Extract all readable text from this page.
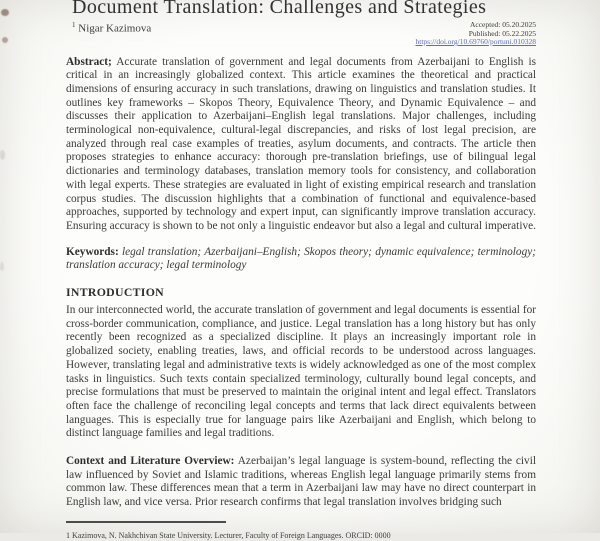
Document Translation: Challenges and Strategies
$^1$ Nigar Kazimova	Accepted: 05.20.2025
Published: 05.22.2025
https://doi.org/10.69760/portuni.010328

Abstract; Accurate translation of government and legal documents from Azerbaijani to English is critical in an increasingly globalized context. This article examines the theoretical and practical dimensions of ensuring accuracy in such translations, drawing on linguistics and translation studies. It outlines key frameworks – Skopos Theory, Equivalence Theory, and Dynamic Equivalence – and discusses their application to Azerbaijani–English legal translations. Major challenges, including terminological non-equivalence, cultural-legal discrepancies, and risks of lost legal precision, are analyzed through real case examples of treaties, asylum documents, and contracts. The article then proposes strategies to enhance accuracy: thorough pre-translation briefings, use of bilingual legal dictionaries and terminology databases, translation memory tools for consistency, and collaboration with legal experts. These strategies are evaluated in light of existing empirical research and translation corpus studies. The discussion highlights that a combination of functional and equivalence-based approaches, supported by technology and expert input, can significantly improve translation accuracy. Ensuring accuracy is shown to be not only a linguistic endeavor but also a legal and cultural imperative.

Keywords: legal translation; Azerbaijani–English; Skopos theory; dynamic equivalence; terminology; translation accuracy; legal terminology

INTRODUCTION

In our interconnected world, the accurate translation of government and legal documents is essential for cross-border communication, compliance, and justice. Legal translation has a long history but has only recently been recognized as a specialized discipline. It plays an increasingly important role in globalized society, enabling treaties, laws, and official records to be understood across languages. However, translating legal and administrative texts is widely acknowledged as one of the most complex tasks in linguistics. Such texts contain specialized terminology, culturally bound legal concepts, and precise formulations that must be preserved to maintain the original intent and legal effect. Translators often face the challenge of reconciling legal concepts and terms that lack direct equivalents between languages. This is especially true for language pairs like Azerbaijani and English, which belong to distinct language families and legal traditions.

Context and Literature Overview: Azerbaijan’s legal language is system-bound, reflecting the civil law influenced by Soviet and Islamic traditions, whereas English legal language primarily stems from common law. These differences mean that a term in Azerbaijani law may have no direct counterpart in English law, and vice versa. Prior research confirms that legal translation involves bridging such

1 Kazimova, N. Nakhchivan State University. Lecturer, Faculty of Foreign Languages. ORCID: 0000
